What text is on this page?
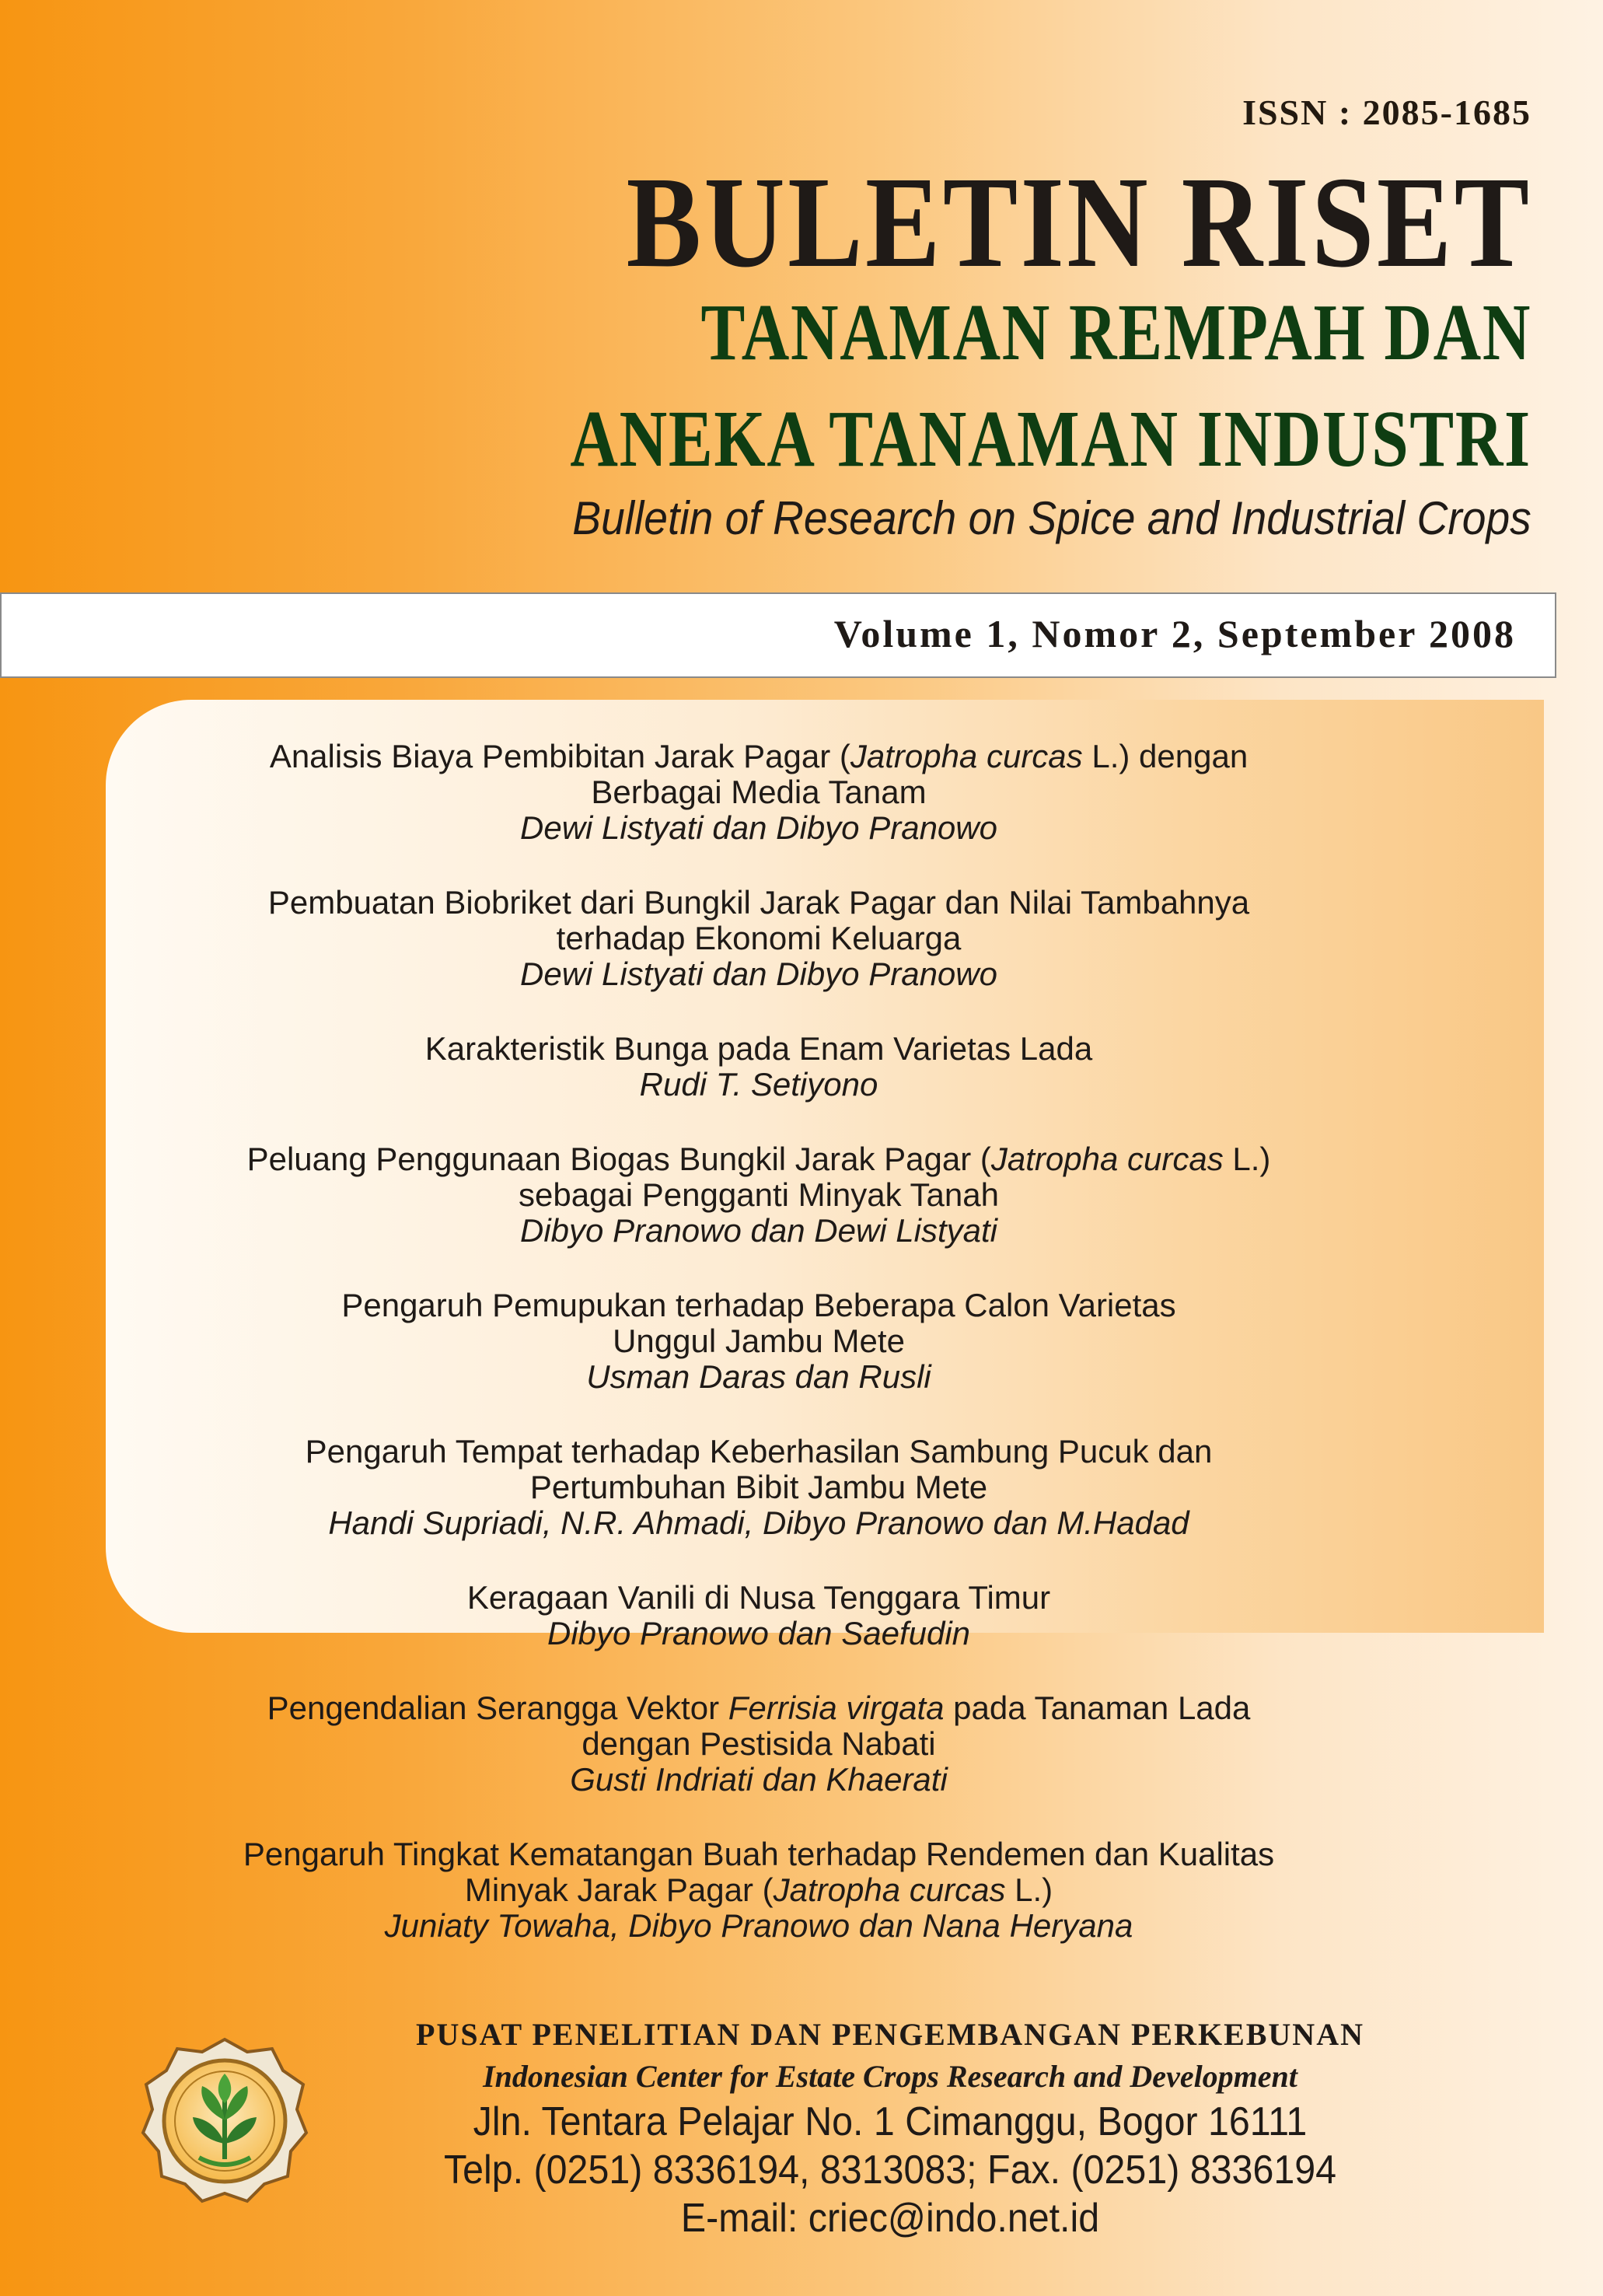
ISSN : 2085-1685
BULETIN RISET
TANAMAN REMPAH DAN
ANEKA TANAMAN INDUSTRI
Bulletin of Research on Spice and Industrial Crops
Volume 1, Nomor 2, September 2008
Analisis Biaya Pembibitan Jarak Pagar (Jatropha curcas L.) dengan
Berbagai Media Tanam
Dewi Listyati dan Dibyo Pranowo
Pembuatan Biobriket dari Bungkil Jarak Pagar dan Nilai Tambahnya
terhadap Ekonomi Keluarga
Dewi Listyati dan Dibyo Pranowo
Karakteristik Bunga pada Enam Varietas Lada
Rudi T. Setiyono
Peluang Penggunaan Biogas Bungkil Jarak Pagar (Jatropha curcas L.)
sebagai Pengganti Minyak Tanah
Dibyo Pranowo dan Dewi Listyati
Pengaruh Pemupukan terhadap Beberapa Calon Varietas
Unggul Jambu Mete
Usman Daras dan Rusli
Pengaruh Tempat terhadap Keberhasilan Sambung Pucuk dan
Pertumbuhan Bibit Jambu Mete
Handi Supriadi, N.R. Ahmadi, Dibyo Pranowo dan M.Hadad
Keragaan Vanili di Nusa Tenggara Timur
Dibyo Pranowo dan Saefudin
Pengendalian Serangga Vektor Ferrisia virgata pada Tanaman Lada
dengan Pestisida Nabati
Gusti Indriati dan Khaerati
Pengaruh Tingkat Kematangan Buah terhadap Rendemen dan Kualitas
Minyak Jarak Pagar (Jatropha curcas L.)
Juniaty Towaha, Dibyo Pranowo dan Nana Heryana
PUSAT PENELITIAN DAN PENGEMBANGAN PERKEBUNAN
Indonesian Center for Estate Crops Research and Development
Jln. Tentara Pelajar No. 1 Cimanggu, Bogor 16111
Telp. (0251) 8336194, 8313083; Fax. (0251) 8336194
E-mail: criec@indo.net.id
